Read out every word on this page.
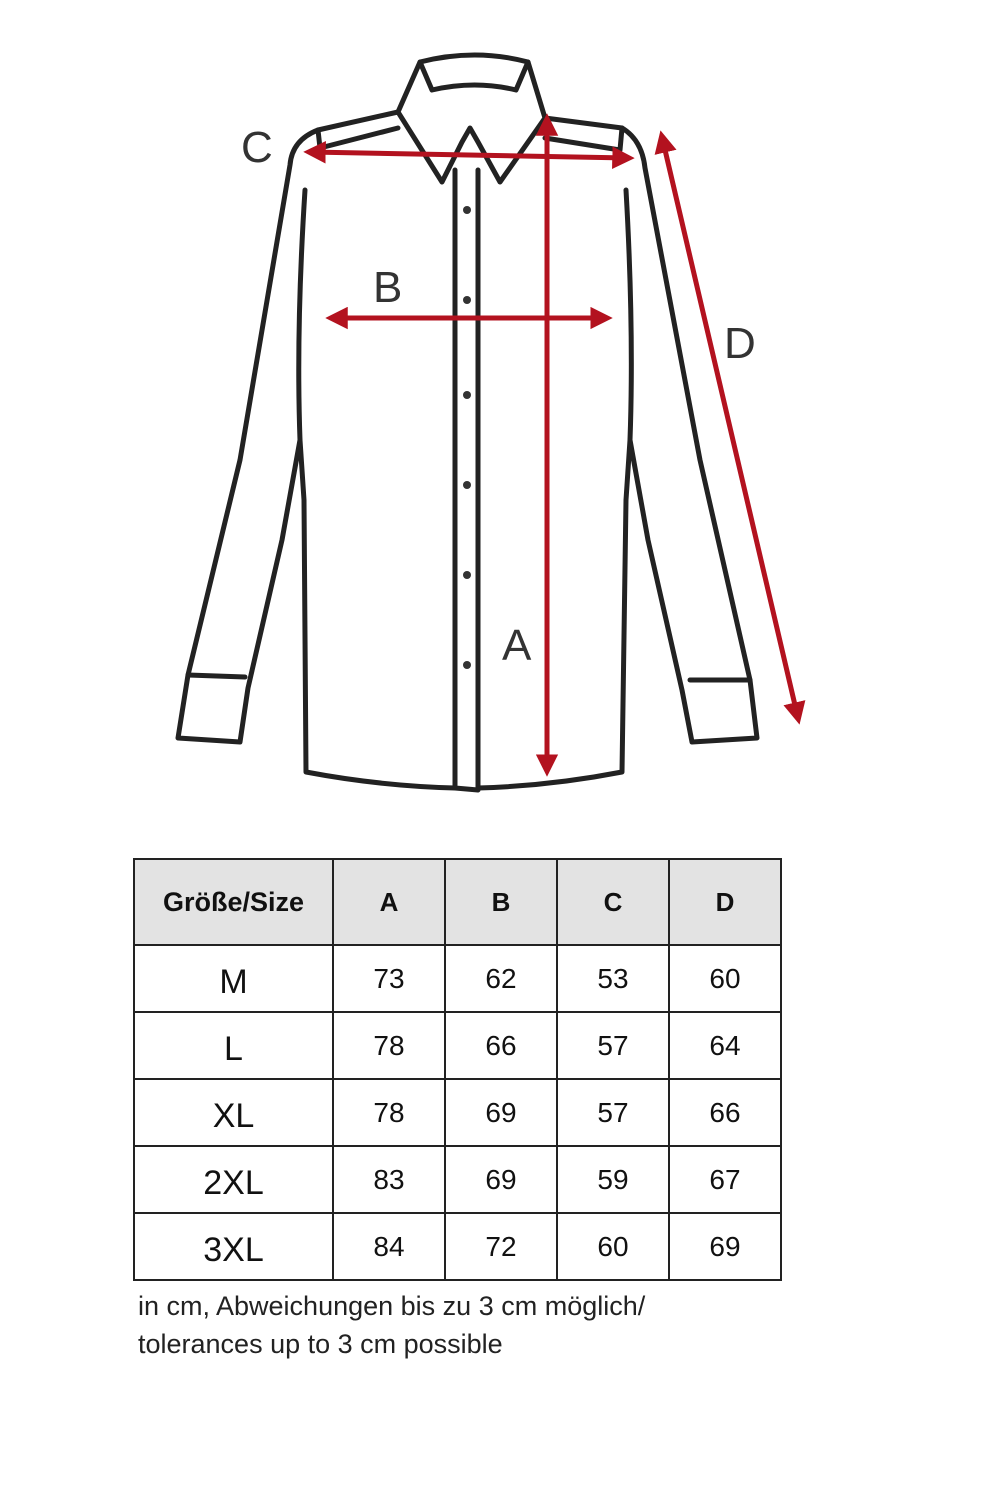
C
B
D
A
Größe/Size	A	B	C	D
M	73	62	53	60
L	78	66	57	64
XL	78	69	57	66
2XL	83	69	59	67
3XL	84	72	60	69
in cm, Abweichungen bis zu 3 cm möglich/
tolerances up to 3 cm possible
